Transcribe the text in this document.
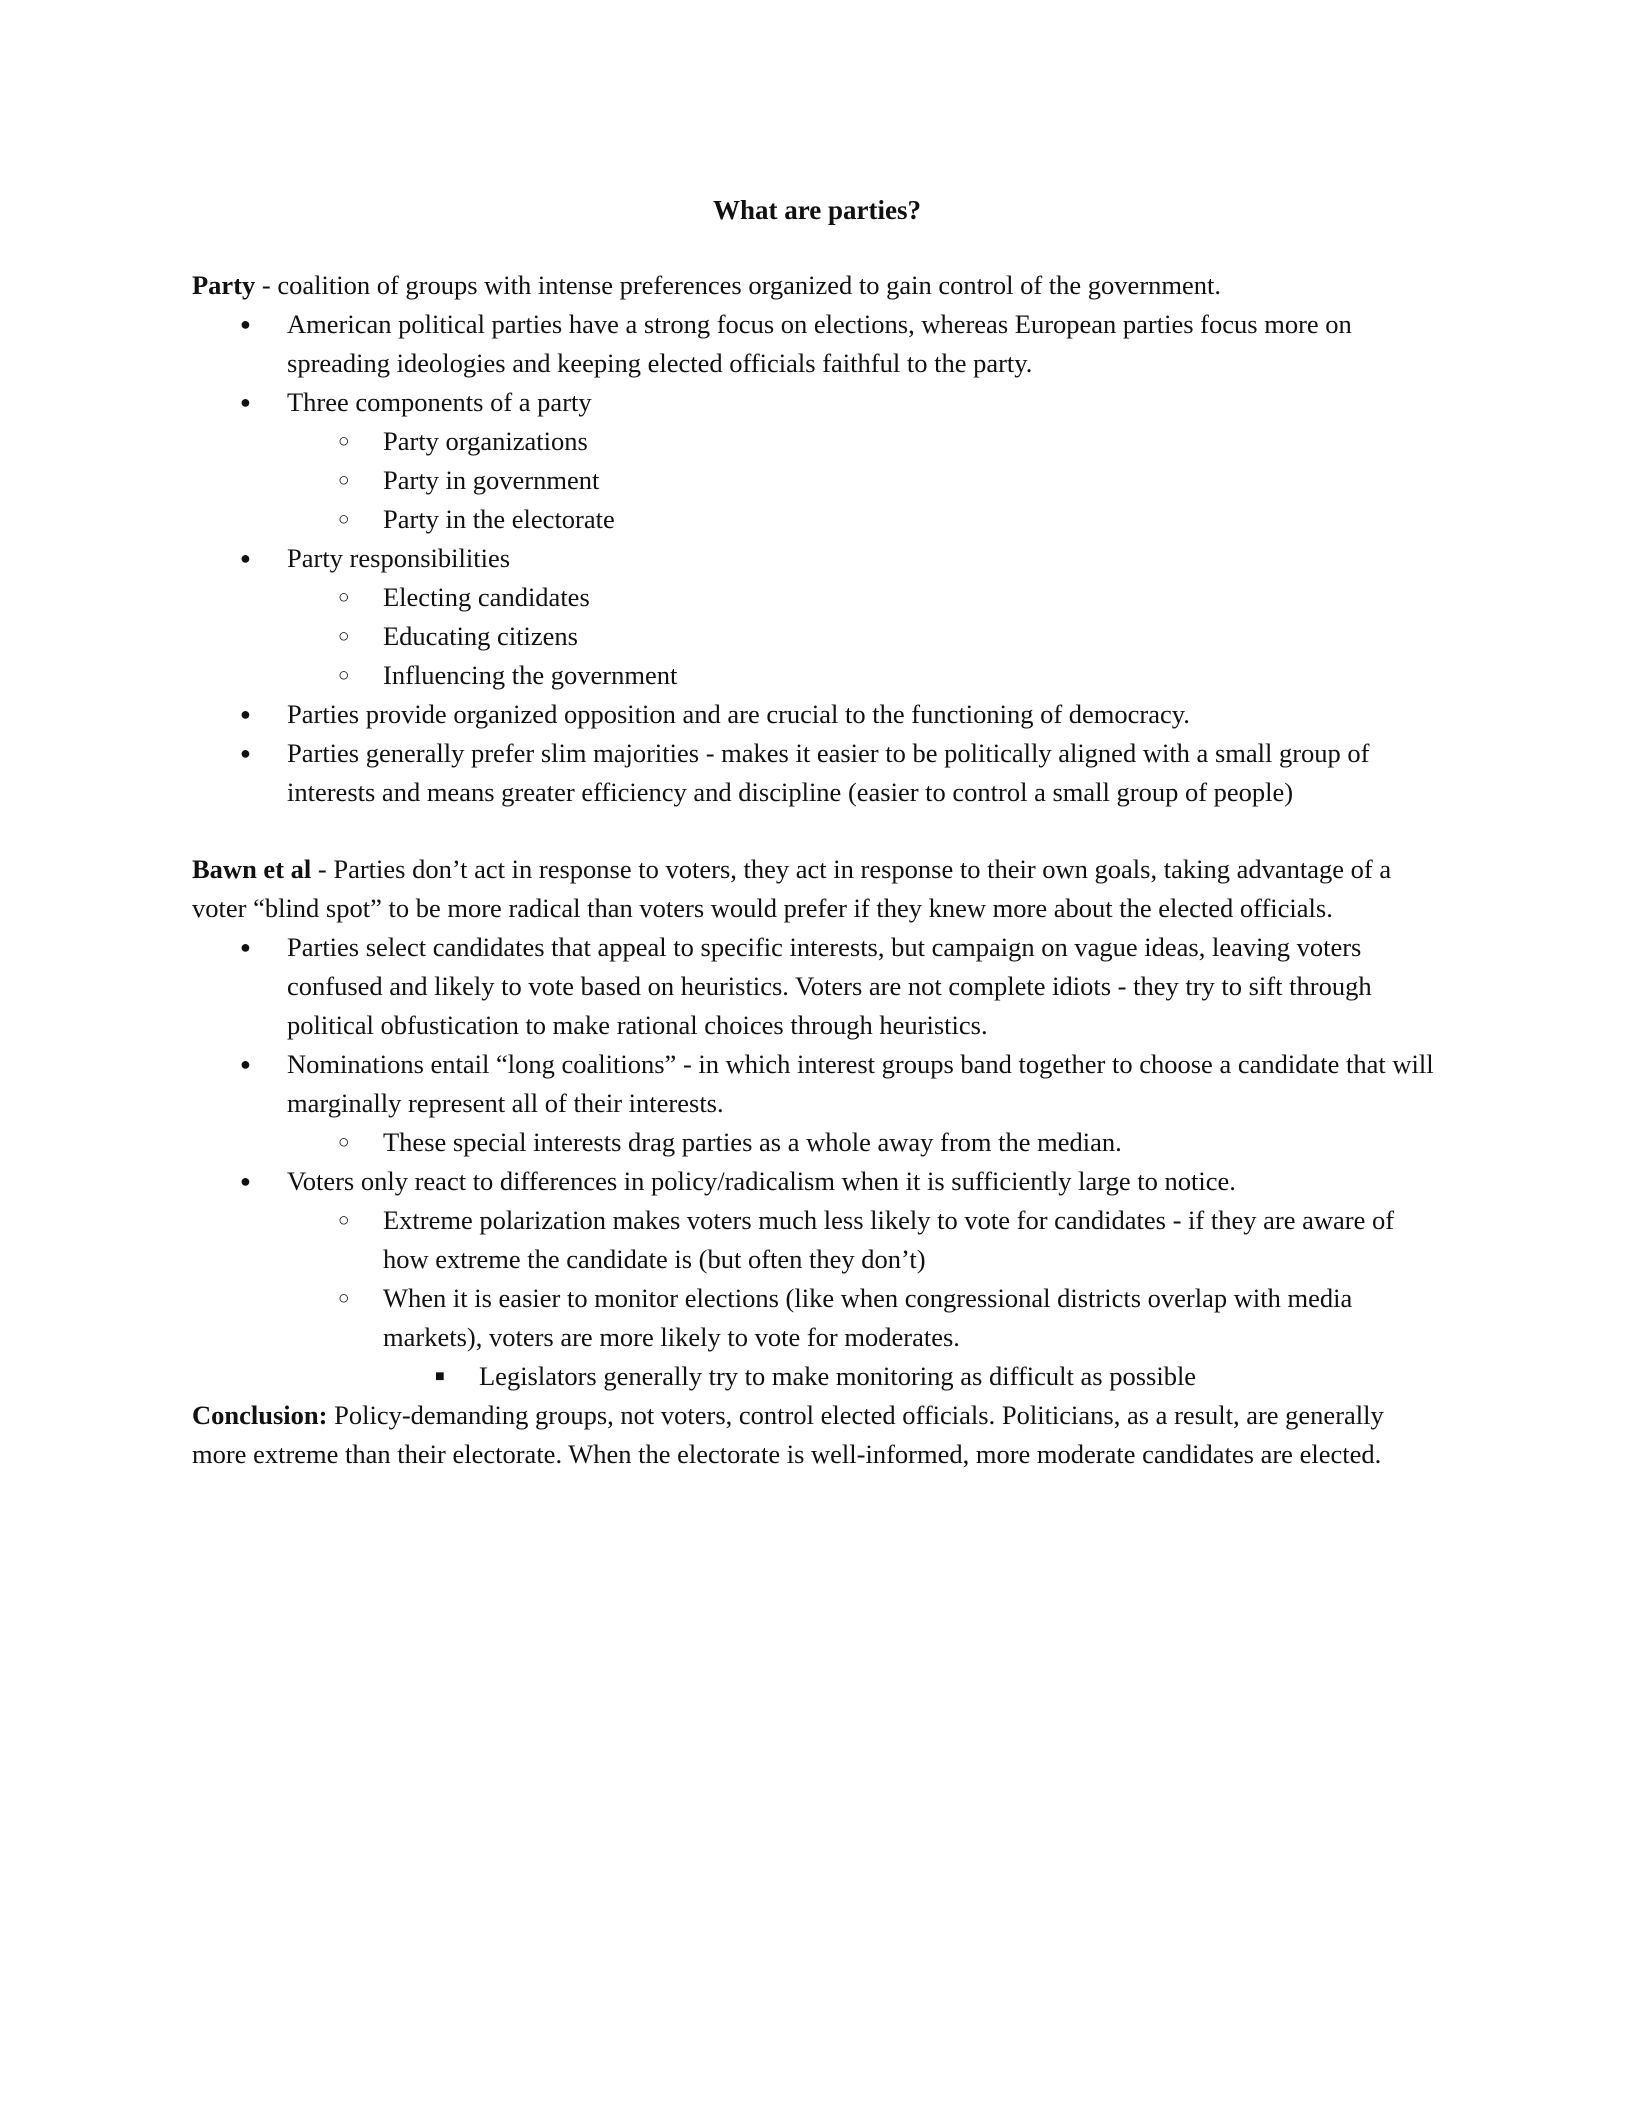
What are parties?

Party - coalition of groups with intense preferences organized to gain control of the government.

● American political parties have a strong focus on elections, whereas European parties focus more on spreading ideologies and keeping elected officials faithful to the party.
● Three components of a party
○ Party organizations
○ Party in government
○ Party in the electorate
● Party responsibilities
○ Electing candidates
○ Educating citizens
○ Influencing the government
● Parties provide organized opposition and are crucial to the functioning of democracy.
● Parties generally prefer slim majorities - makes it easier to be politically aligned with a small group of interests and means greater efficiency and discipline (easier to control a small group of people)

Bawn et al - Parties don’t act in response to voters, they act in response to their own goals, taking advantage of a voter “blind spot” to be more radical than voters would prefer if they knew more about the elected officials.

● Parties select candidates that appeal to specific interests, but campaign on vague ideas, leaving voters confused and likely to vote based on heuristics. Voters are not complete idiots - they try to sift through political obfustication to make rational choices through heuristics.
● Nominations entail “long coalitions” - in which interest groups band together to choose a candidate that will marginally represent all of their interests.
○ These special interests drag parties as a whole away from the median.
● Voters only react to differences in policy/radicalism when it is sufficiently large to notice.
○ Extreme polarization makes voters much less likely to vote for candidates - if they are aware of how extreme the candidate is (but often they don’t)
○ When it is easier to monitor elections (like when congressional districts overlap with media markets), voters are more likely to vote for moderates.
■ Legislators generally try to make monitoring as difficult as possible

Conclusion: Policy-demanding groups, not voters, control elected officials. Politicians, as a result, are generally more extreme than their electorate. When the electorate is well-informed, more moderate candidates are elected.
